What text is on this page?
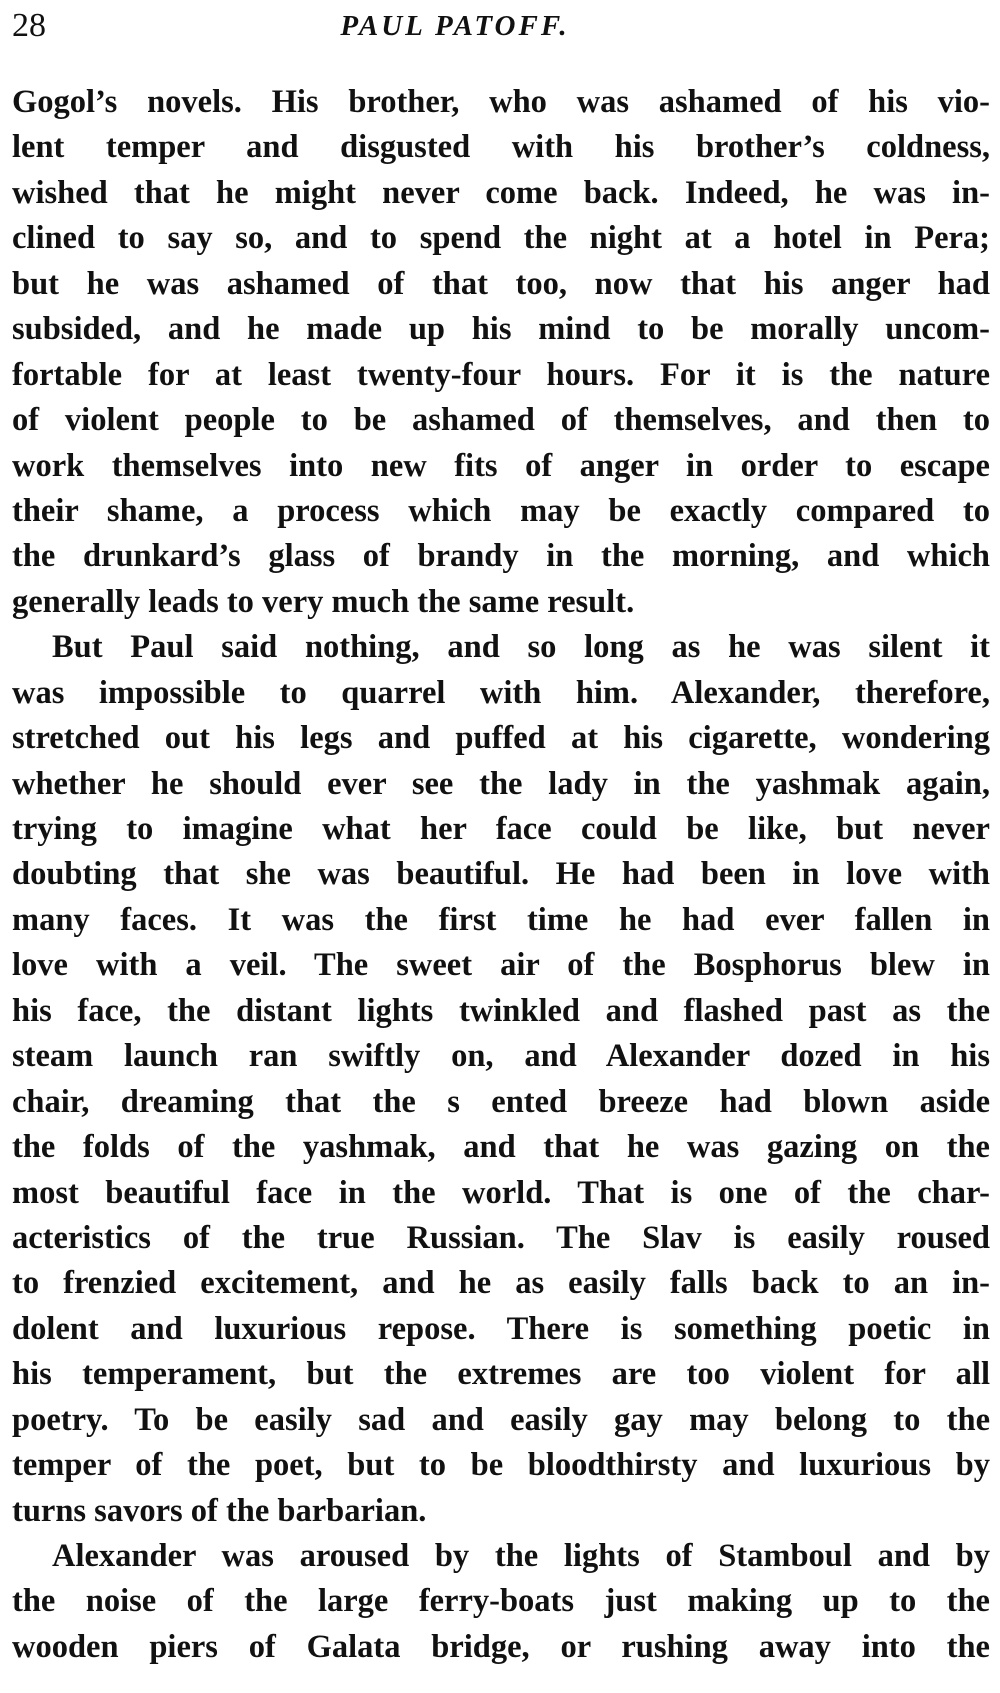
28	PAUL PATOFF.
Gogol’s novels. His brother, who was ashamed of his vio-
lent temper and disgusted with his brother’s coldness,
wished that he might never come back. Indeed, he was in-
clined to say so, and to spend the night at a hotel in Pera;
but he was ashamed of that too, now that his anger had
subsided, and he made up his mind to be morally uncom-
fortable for at least twenty-four hours. For it is the nature
of violent people to be ashamed of themselves, and then to
work themselves into new fits of anger in order to escape
their shame, a process which may be exactly compared to
the drunkard’s glass of brandy in the morning, and which
generally leads to very much the same result.
But Paul said nothing, and so long as he was silent it
was impossible to quarrel with him. Alexander, therefore,
stretched out his legs and puffed at his cigarette, wondering
whether he should ever see the lady in the yashmak again,
trying to imagine what her face could be like, but never
doubting that she was beautiful. He had been in love with
many faces. It was the first time he had ever fallen in
love with a veil. The sweet air of the Bosphorus blew in
his face, the distant lights twinkled and flashed past as the
steam launch ran swiftly on, and Alexander dozed in his
chair, dreaming that the s ented breeze had blown aside
the folds of the yashmak, and that he was gazing on the
most beautiful face in the world. That is one of the char-
acteristics of the true Russian. The Slav is easily roused
to frenzied excitement, and he as easily falls back to an in-
dolent and luxurious repose. There is something poetic in
his temperament, but the extremes are too violent for all
poetry. To be easily sad and easily gay may belong to the
temper of the poet, but to be bloodthirsty and luxurious by
turns savors of the barbarian.
Alexander was aroused by the lights of Stamboul and by
the noise of the large ferry-boats just making up to the
wooden piers of Galata bridge, or rushing away into the
